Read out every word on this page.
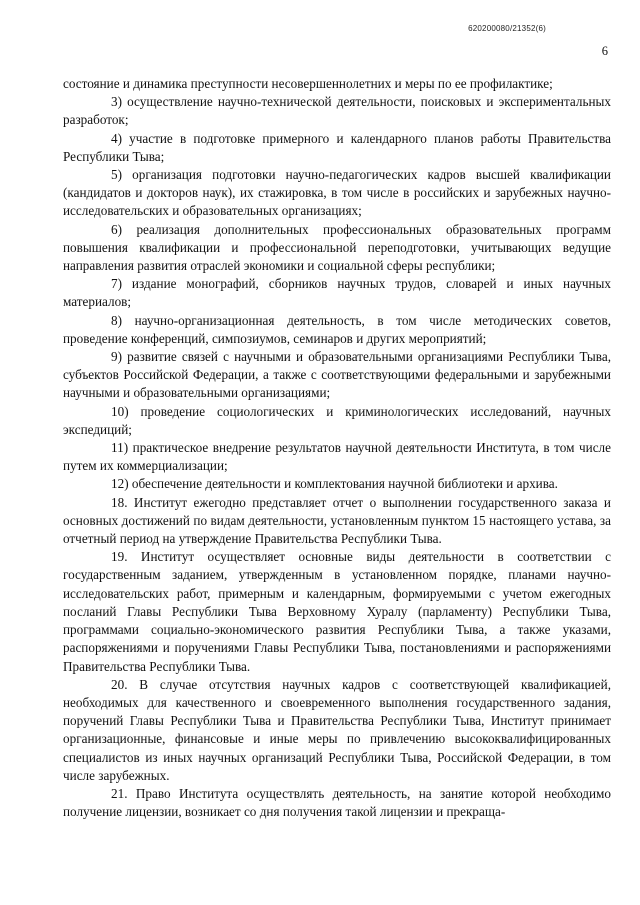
620200080/21352(6)
6

состояние и динамика преступности несовершеннолетних и меры по ее профилактике;

3) осуществление научно-технической деятельности, поисковых и экспериментальных разработок;

4) участие в подготовке примерного и календарного планов работы Правительства Республики Тыва;

5) организация подготовки научно-педагогических кадров высшей квалификации (кандидатов и докторов наук), их стажировка, в том числе в российских и зарубежных научно-исследовательских и образовательных организациях;

6) реализация дополнительных профессиональных образовательных программ повышения квалификации и профессиональной переподготовки, учитывающих ведущие направления развития отраслей экономики и социальной сферы республики;

7) издание монографий, сборников научных трудов, словарей и иных научных материалов;

8) научно-организационная деятельность, в том числе методических советов, проведение конференций, симпозиумов, семинаров и других мероприятий;

9) развитие связей с научными и образовательными организациями Республики Тыва, субъектов Российской Федерации, а также с соответствующими федеральными и зарубежными научными и образовательными организациями;

10) проведение социологических и криминологических исследований, научных экспедиций;

11) практическое внедрение результатов научной деятельности Института, в том числе путем их коммерциализации;

12) обеспечение деятельности и комплектования научной библиотеки и архива.

18. Институт ежегодно представляет отчет о выполнении государственного заказа и основных достижений по видам деятельности, установленным пунктом 15 настоящего устава, за отчетный период на утверждение Правительства Республики Тыва.

19. Институт осуществляет основные виды деятельности в соответствии с государственным заданием, утвержденным в установленном порядке, планами научно-исследовательских работ, примерным и календарным, формируемыми с учетом ежегодных посланий Главы Республики Тыва Верховному Хуралу (парламенту) Республики Тыва, программами социально-экономического развития Республики Тыва, а также указами, распоряжениями и поручениями Главы Республики Тыва, постановлениями и распоряжениями Правительства Республики Тыва.

20. В случае отсутствия научных кадров с соответствующей квалификацией, необходимых для качественного и своевременного выполнения государственного задания, поручений Главы Республики Тыва и Правительства Республики Тыва, Институт принимает организационные, финансовые и иные меры по привлечению высококвалифицированных специалистов из иных научных организаций Республики Тыва, Российской Федерации, в том числе зарубежных.

21. Право Института осуществлять деятельность, на занятие которой необходимо получение лицензии, возникает со дня получения такой лицензии и прекраща-
